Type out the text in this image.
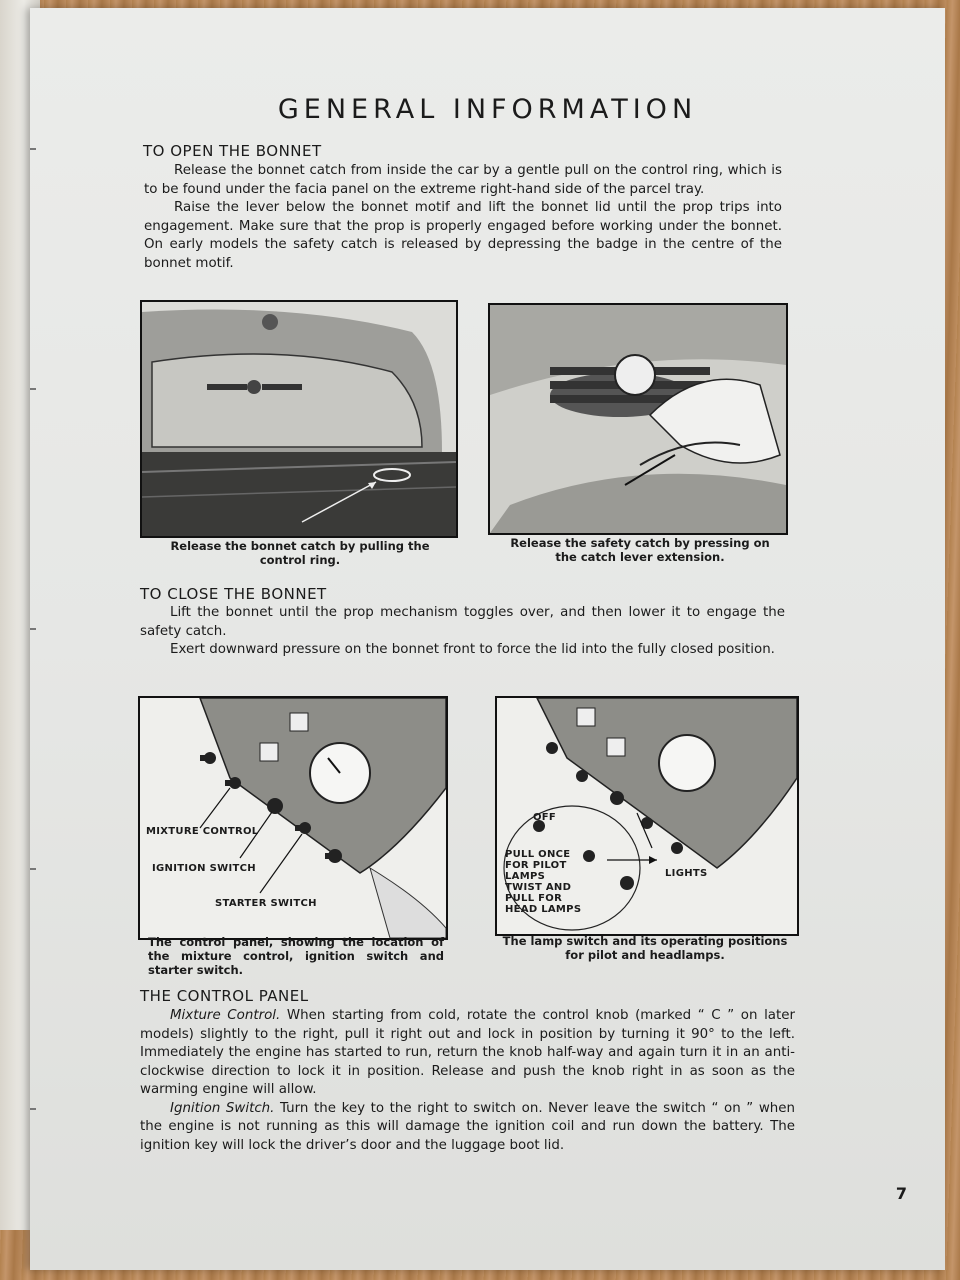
GENERAL INFORMATION
TO OPEN THE BONNET

Release the bonnet catch from inside the car by a gentle pull on the control ring, which is to be found under the facia panel on the extreme right-hand side of the parcel tray.

Raise the lever below the bonnet motif and lift the bonnet lid until the prop trips into engagement. Make sure that the prop is properly engaged before working under the bonnet. On early models the safety catch is released by depressing the badge in the centre of the bonnet motif.

Release the bonnet catch by pulling the control ring.
Release the safety catch by pressing on the catch lever extension.
TO CLOSE THE BONNET

Lift the bonnet until the prop mechanism toggles over, and then lower it to engage the safety catch.

Exert downward pressure on the bonnet front to force the lid into the fully closed position.

MIXTURE CONTROL
IGNITION SWITCH
STARTER SWITCH
The control panel, showing the location of the mixture control, ignition switch and starter switch.
OFF
PULL ONCE FOR PILOT LAMPS
TWIST AND PULL FOR HEAD LAMPS
LIGHTS
The lamp switch and its operating positions for pilot and headlamps.
THE CONTROL PANEL

Mixture Control. When starting from cold, rotate the control knob (marked “ C ” on later models) slightly to the right, pull it right out and lock in position by turning it 90° to the left. Immediately the engine has started to run, return the knob half-way and again turn it in an anti-clockwise direction to lock it in position. Release and push the knob right in as soon as the warming engine will allow.

Ignition Switch. Turn the key to the right to switch on. Never leave the switch “ on ” when the engine is not running as this will damage the ignition coil and run down the battery. The ignition key will lock the driver’s door and the luggage boot lid.

7
